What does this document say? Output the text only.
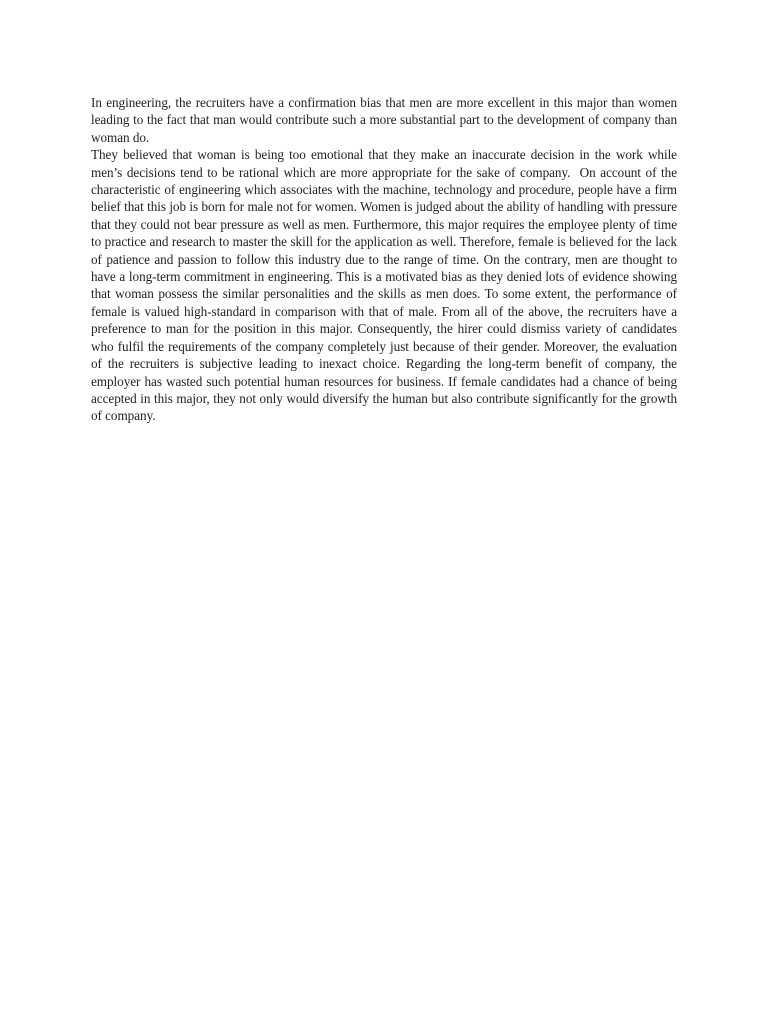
In engineering, the recruiters have a confirmation bias that men are more excellent in this major than women leading to the fact that man would contribute such a more substantial part to the development of company than woman do.

They believed that woman is being too emotional that they make an inaccurate decision in the work while men’s decisions tend to be rational which are more appropriate for the sake of company.  On account of the characteristic of engineering which associates with the machine, technology and procedure, people have a firm belief that this job is born for male not for women. Women is judged about the ability of handling with pressure that they could not bear pressure as well as men. Furthermore, this major requires the employee plenty of time to practice and research to master the skill for the application as well. Therefore, female is believed for the lack of patience and passion to follow this industry due to the range of time. On the contrary, men are thought to have a long-term commitment in engineering. This is a motivated bias as they denied lots of evidence showing that woman possess the similar personalities and the skills as men does. To some extent, the performance of female is valued high-standard in comparison with that of male. From all of the above, the recruiters have a preference to man for the position in this major. Consequently, the hirer could dismiss variety of candidates who fulfil the requirements of the company completely just because of their gender. Moreover, the evaluation of the recruiters is subjective leading to inexact choice. Regarding the long-term benefit of company, the employer has wasted such potential human resources for business. If female candidates had a chance of being accepted in this major, they not only would diversify the human but also contribute significantly for the growth of company.
